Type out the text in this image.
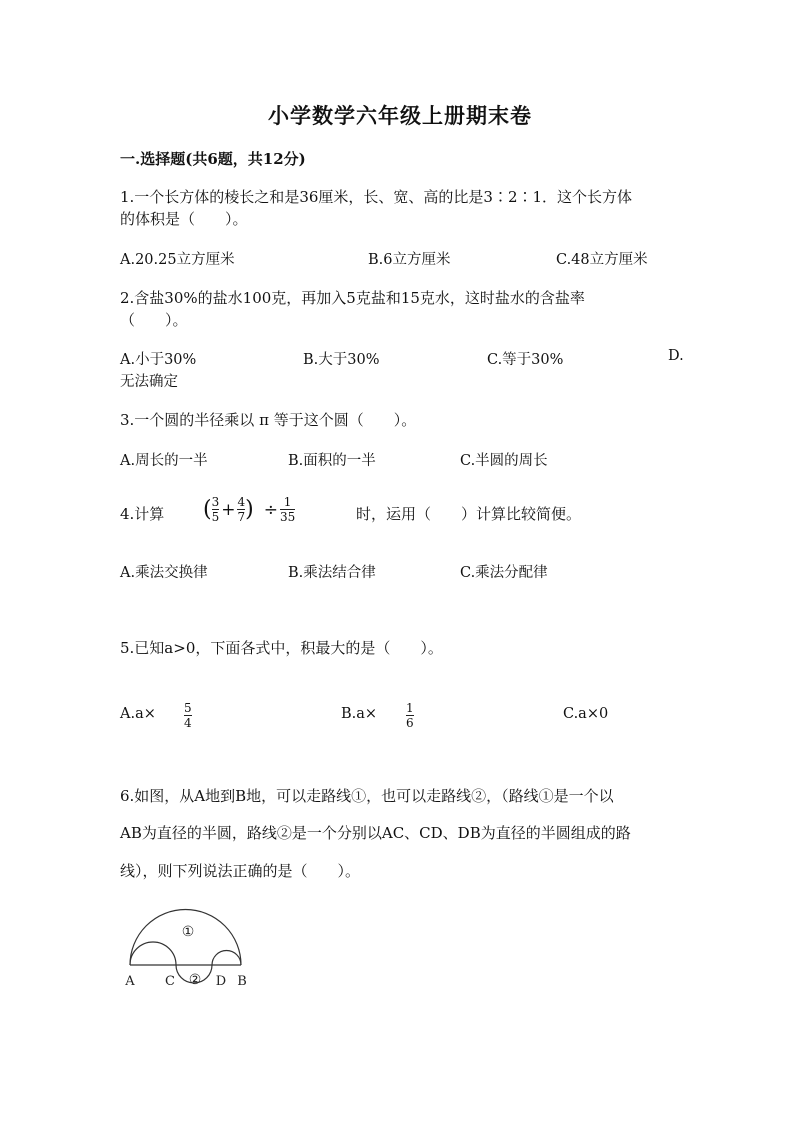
小学数学六年级上册期末卷
一.选择题(共6题，共12分)
1.一个长方体的棱长之和是36厘米，长、宽、高的比是3∶2∶1．这个长方体
的体积是（　　）。
A.20.25立方厘米	B.6立方厘米	C.48立方厘米
2.含盐30%的盐水100克，再加入5克盐和15克水，这时盐水的含盐率
（　　）。
A.小于30%	B.大于30%	C.等于30%	D.
无法确定
3.一个圆的半径乘以 π 等于这个圆（　　）。
A.周长的一半	B.面积的一半	C.半圆的周长
4.计算 ( $\frac{3}{5} + \frac{4}{7}$ ) ÷ $\frac{1}{35}$	时，运用（　　）计算比较简便。
A.乘法交换律	B.乘法结合律	C.乘法分配律
5.已知a>0，下面各式中，积最大的是（　　）。
A.a× 5
4
B.a× 1
6
C.a×0
6.如图，从A地到B地，可以走路线①，也可以走路线②，（路线①是一个以
AB为直径的半圆，路线②是一个分别以AC、CD、DB为直径的半圆组成的路
线），则下列说法正确的是（　　）。
①
②
A C	D B
